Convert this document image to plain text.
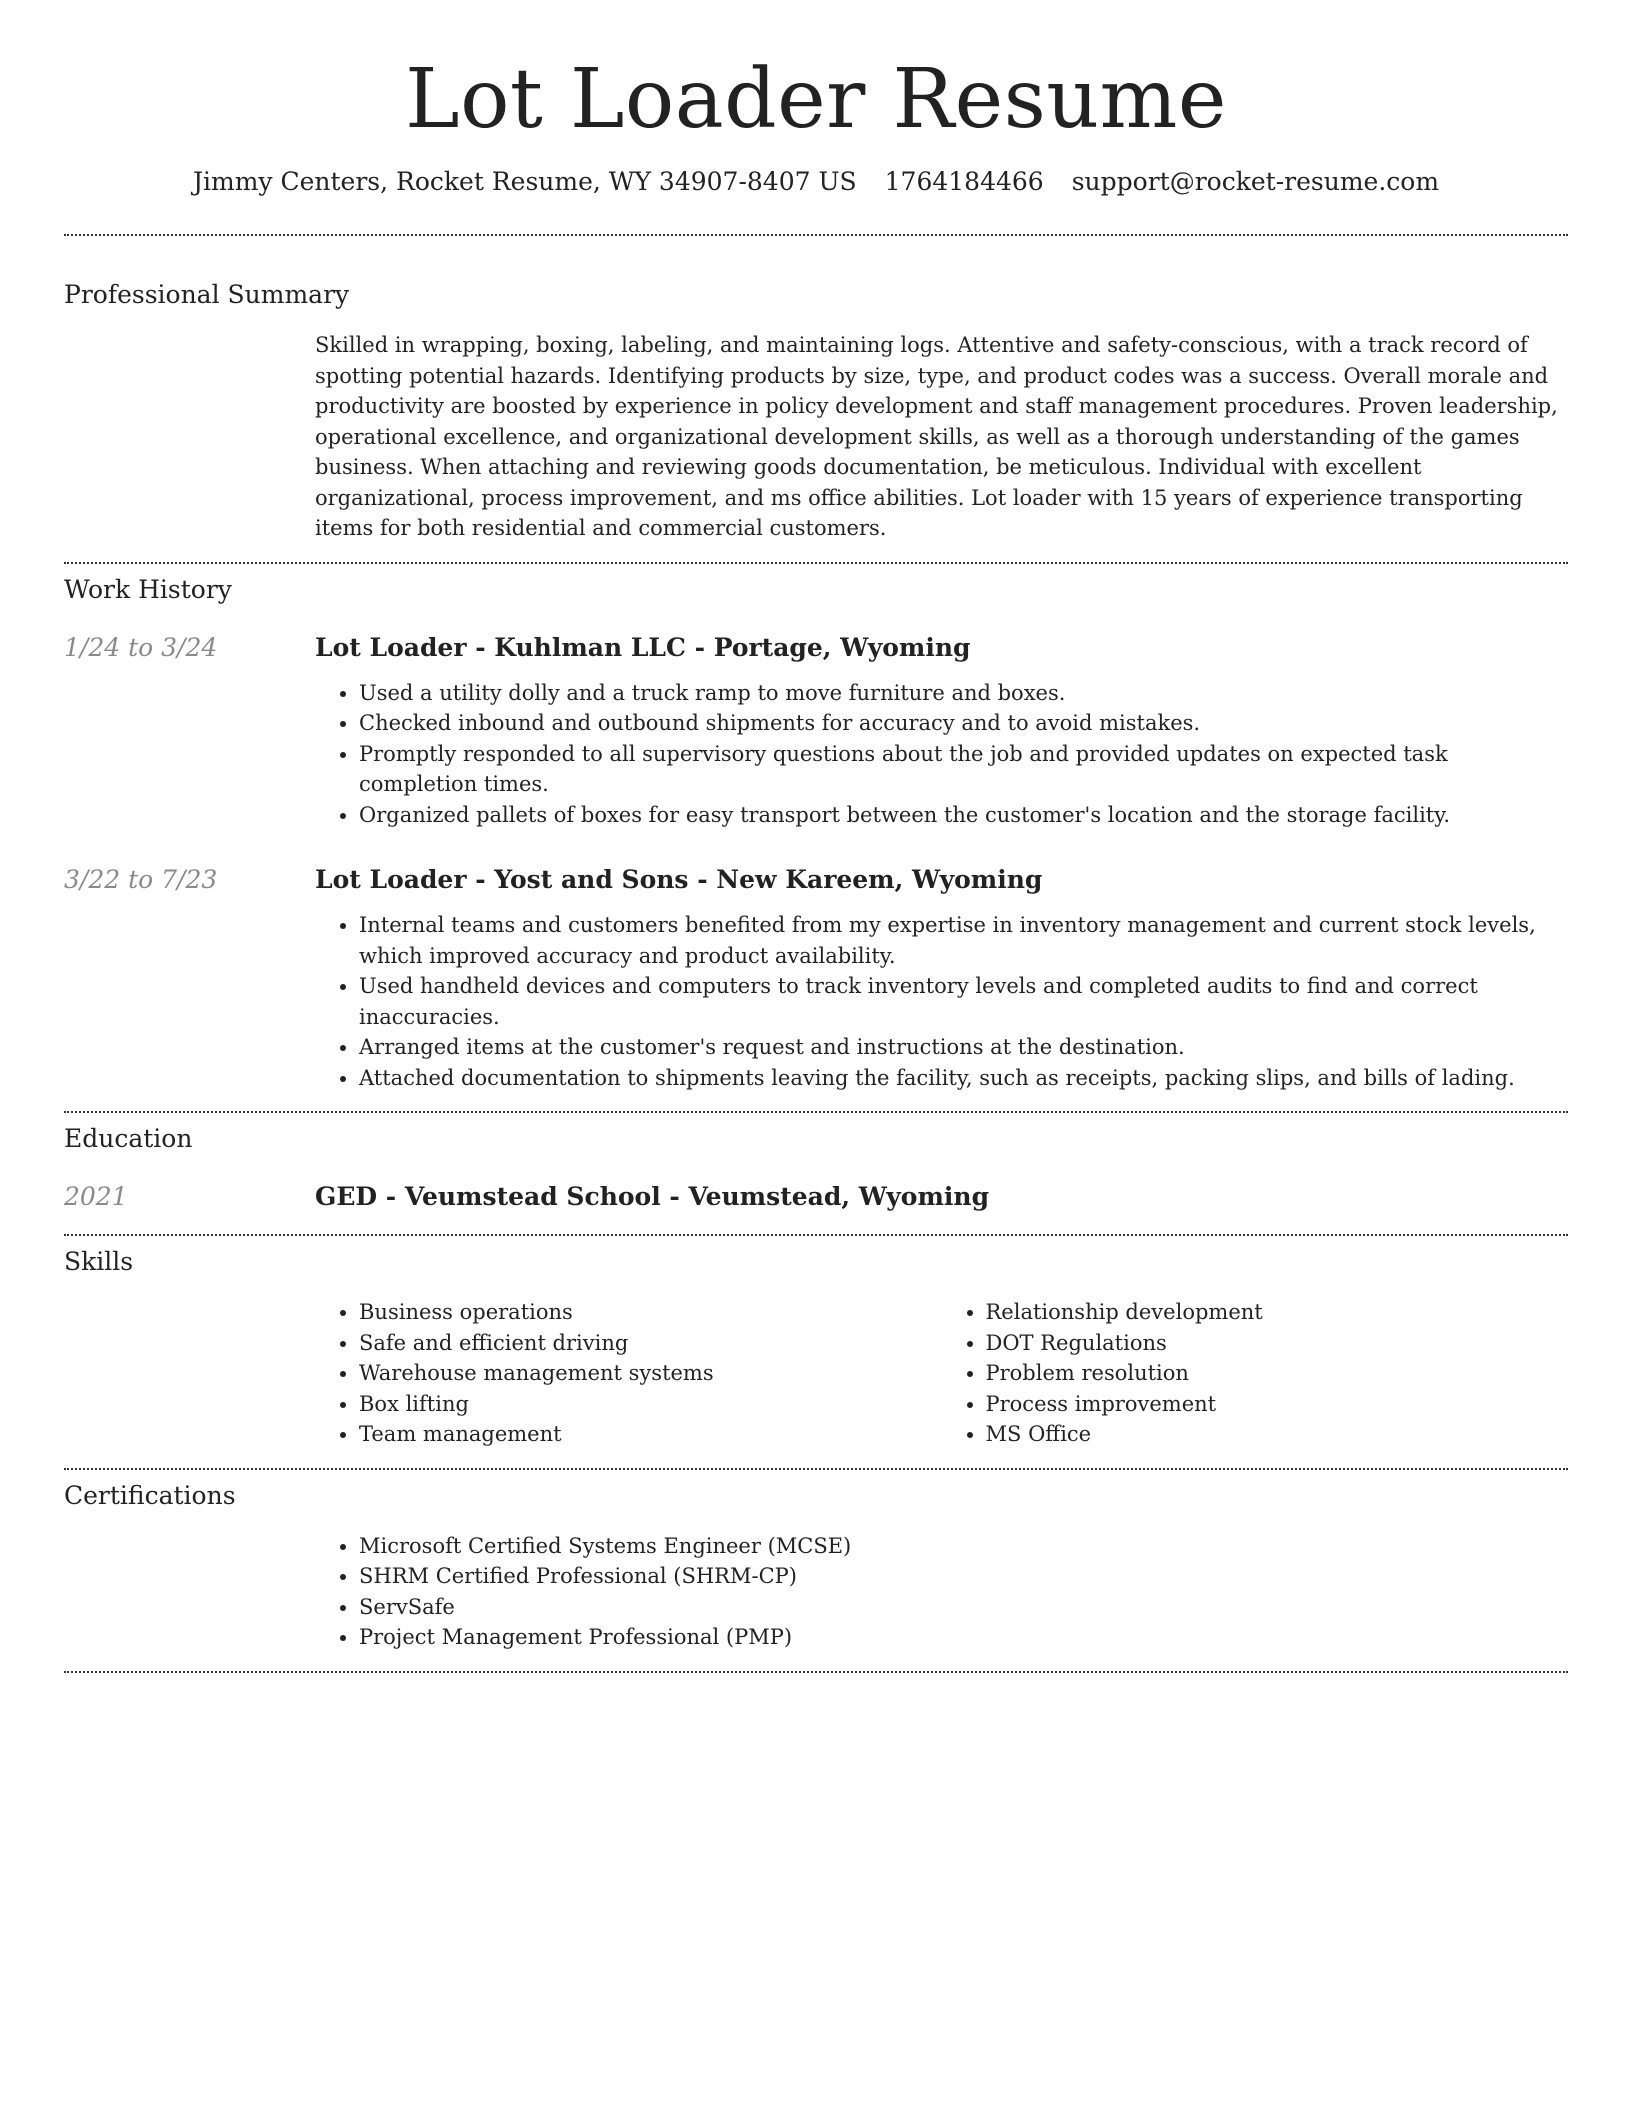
Lot Loader Resume
Jimmy Centers, Rocket Resume, WY 34907-8407 US 1764184466 support@rocket-resume.com
Professional Summary

Skilled in wrapping, boxing, labeling, and maintaining logs. Attentive and safety-conscious, with a track record of spotting potential hazards. Identifying products by size, type, and product codes was a success. Overall morale and productivity are boosted by experience in policy development and staff management procedures. Proven leadership, operational excellence, and organizational development skills, as well as a thorough understanding of the games business. When attaching and reviewing goods documentation, be meticulous. Individual with excellent organizational, process improvement, and ms office abilities. Lot loader with 15 years of experience transporting items for both residential and commercial customers.

Work History
1/24 to 3/24	Lot Loader - Kuhlman LLC - Portage, Wyoming
• Used a utility dolly and a truck ramp to move furniture and boxes.
• Checked inbound and outbound shipments for accuracy and to avoid mistakes.
• Promptly responded to all supervisory questions about the job and provided updates on expected task completion times.
• Organized pallets of boxes for easy transport between the customer's location and the storage facility.
3/22 to 7/23	Lot Loader - Yost and Sons - New Kareem, Wyoming
• Internal teams and customers benefited from my expertise in inventory management and current stock levels, which improved accuracy and product availability.
• Used handheld devices and computers to track inventory levels and completed audits to find and correct inaccuracies.
• Arranged items at the customer's request and instructions at the destination.
• Attached documentation to shipments leaving the facility, such as receipts, packing slips, and bills of lading.
Education
2021	GED - Veumstead School - Veumstead, Wyoming
Skills
• Business operations
• Safe and efficient driving
• Warehouse management systems
• Box lifting
• Team management
• Relationship development
• DOT Regulations
• Problem resolution
• Process improvement
• MS Office
Certifications
• Microsoft Certified Systems Engineer (MCSE)
• SHRM Certified Professional (SHRM-CP)
• ServSafe
• Project Management Professional (PMP)
